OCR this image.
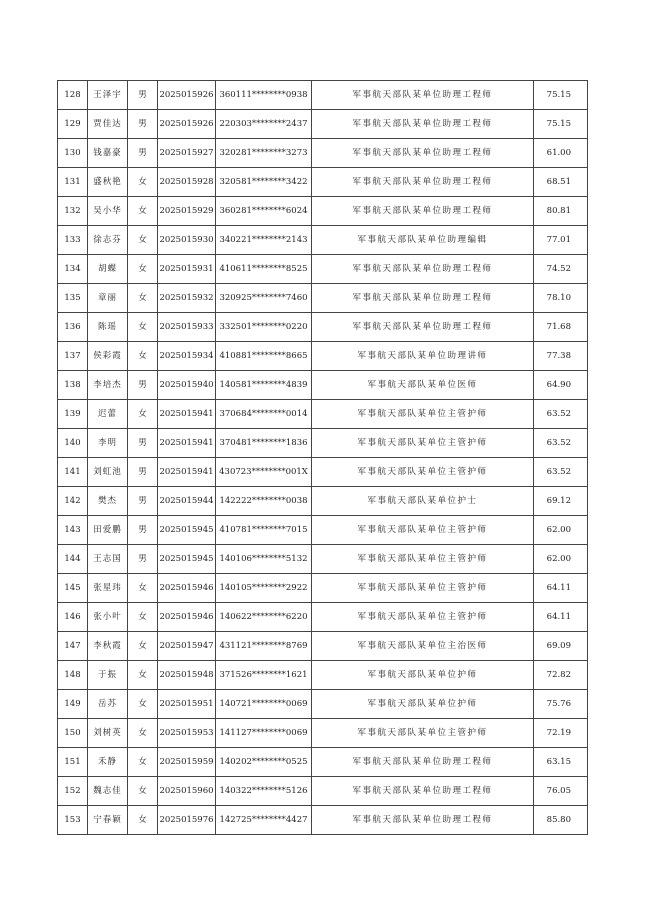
128	王泽宇	男	2025015926	360111********0938	军事航天部队某单位助理工程师	75.15
129	贾佳达	男	2025015926	220303********2437	军事航天部队某单位助理工程师	75.15
130	钱嘉豪	男	2025015927	320281********3273	军事航天部队某单位助理工程师	61.00
131	盛秋艳	女	2025015928	320581********3422	军事航天部队某单位助理工程师	68.51
132	吴小华	女	2025015929	360281********6024	军事航天部队某单位助理工程师	80.81
133	徐志芬	女	2025015930	340221********2143	军事航天部队某单位助理编辑	77.01
134	胡蝶	女	2025015931	410611********8525	军事航天部队某单位助理工程师	74.52
135	章丽	女	2025015932	320925********7460	军事航天部队某单位助理工程师	78.10
136	陈瑶	女	2025015933	332501********0220	军事航天部队某单位助理工程师	71.68
137	侯彩霞	女	2025015934	410881********8665	军事航天部队某单位助理讲师	77.38
138	李培杰	男	2025015940	140581********4839	军事航天部队某单位医师	64.90
139	迟蕾	女	2025015941	370684********0014	军事航天部队某单位主管护师	63.52
140	李明	男	2025015941	370481********1836	军事航天部队某单位主管护师	63.52
141	刘虹池	男	2025015941	430723********001X	军事航天部队某单位主管护师	63.52
142	樊杰	男	2025015944	142222********0038	军事航天部队某单位护士	69.12
143	田爱鹏	男	2025015945	410781********7015	军事航天部队某单位主管护师	62.00
144	王志国	男	2025015945	140106********5132	军事航天部队某单位主管护师	62.00
145	张星玮	女	2025015946	140105********2922	军事航天部队某单位主管护师	64.11
146	张小叶	女	2025015946	140622********6220	军事航天部队某单位主管护师	64.11
147	李秋霞	女	2025015947	431121********8769	军事航天部队某单位主治医师	69.09
148	于振	女	2025015948	371526********1621	军事航天部队某单位护师	72.82
149	岳苏	女	2025015951	140721********0069	军事航天部队某单位护师	75.76
150	刘树英	女	2025015953	141127********0069	军事航天部队某单位主管护师	72.19
151	禾静	女	2025015959	140202********0525	军事航天部队某单位助理工程师	63.15
152	魏志佳	女	2025015960	140322********5126	军事航天部队某单位助理工程师	76.05
153	宁春颖	女	2025015976	142725********4427	军事航天部队某单位助理工程师	85.80
